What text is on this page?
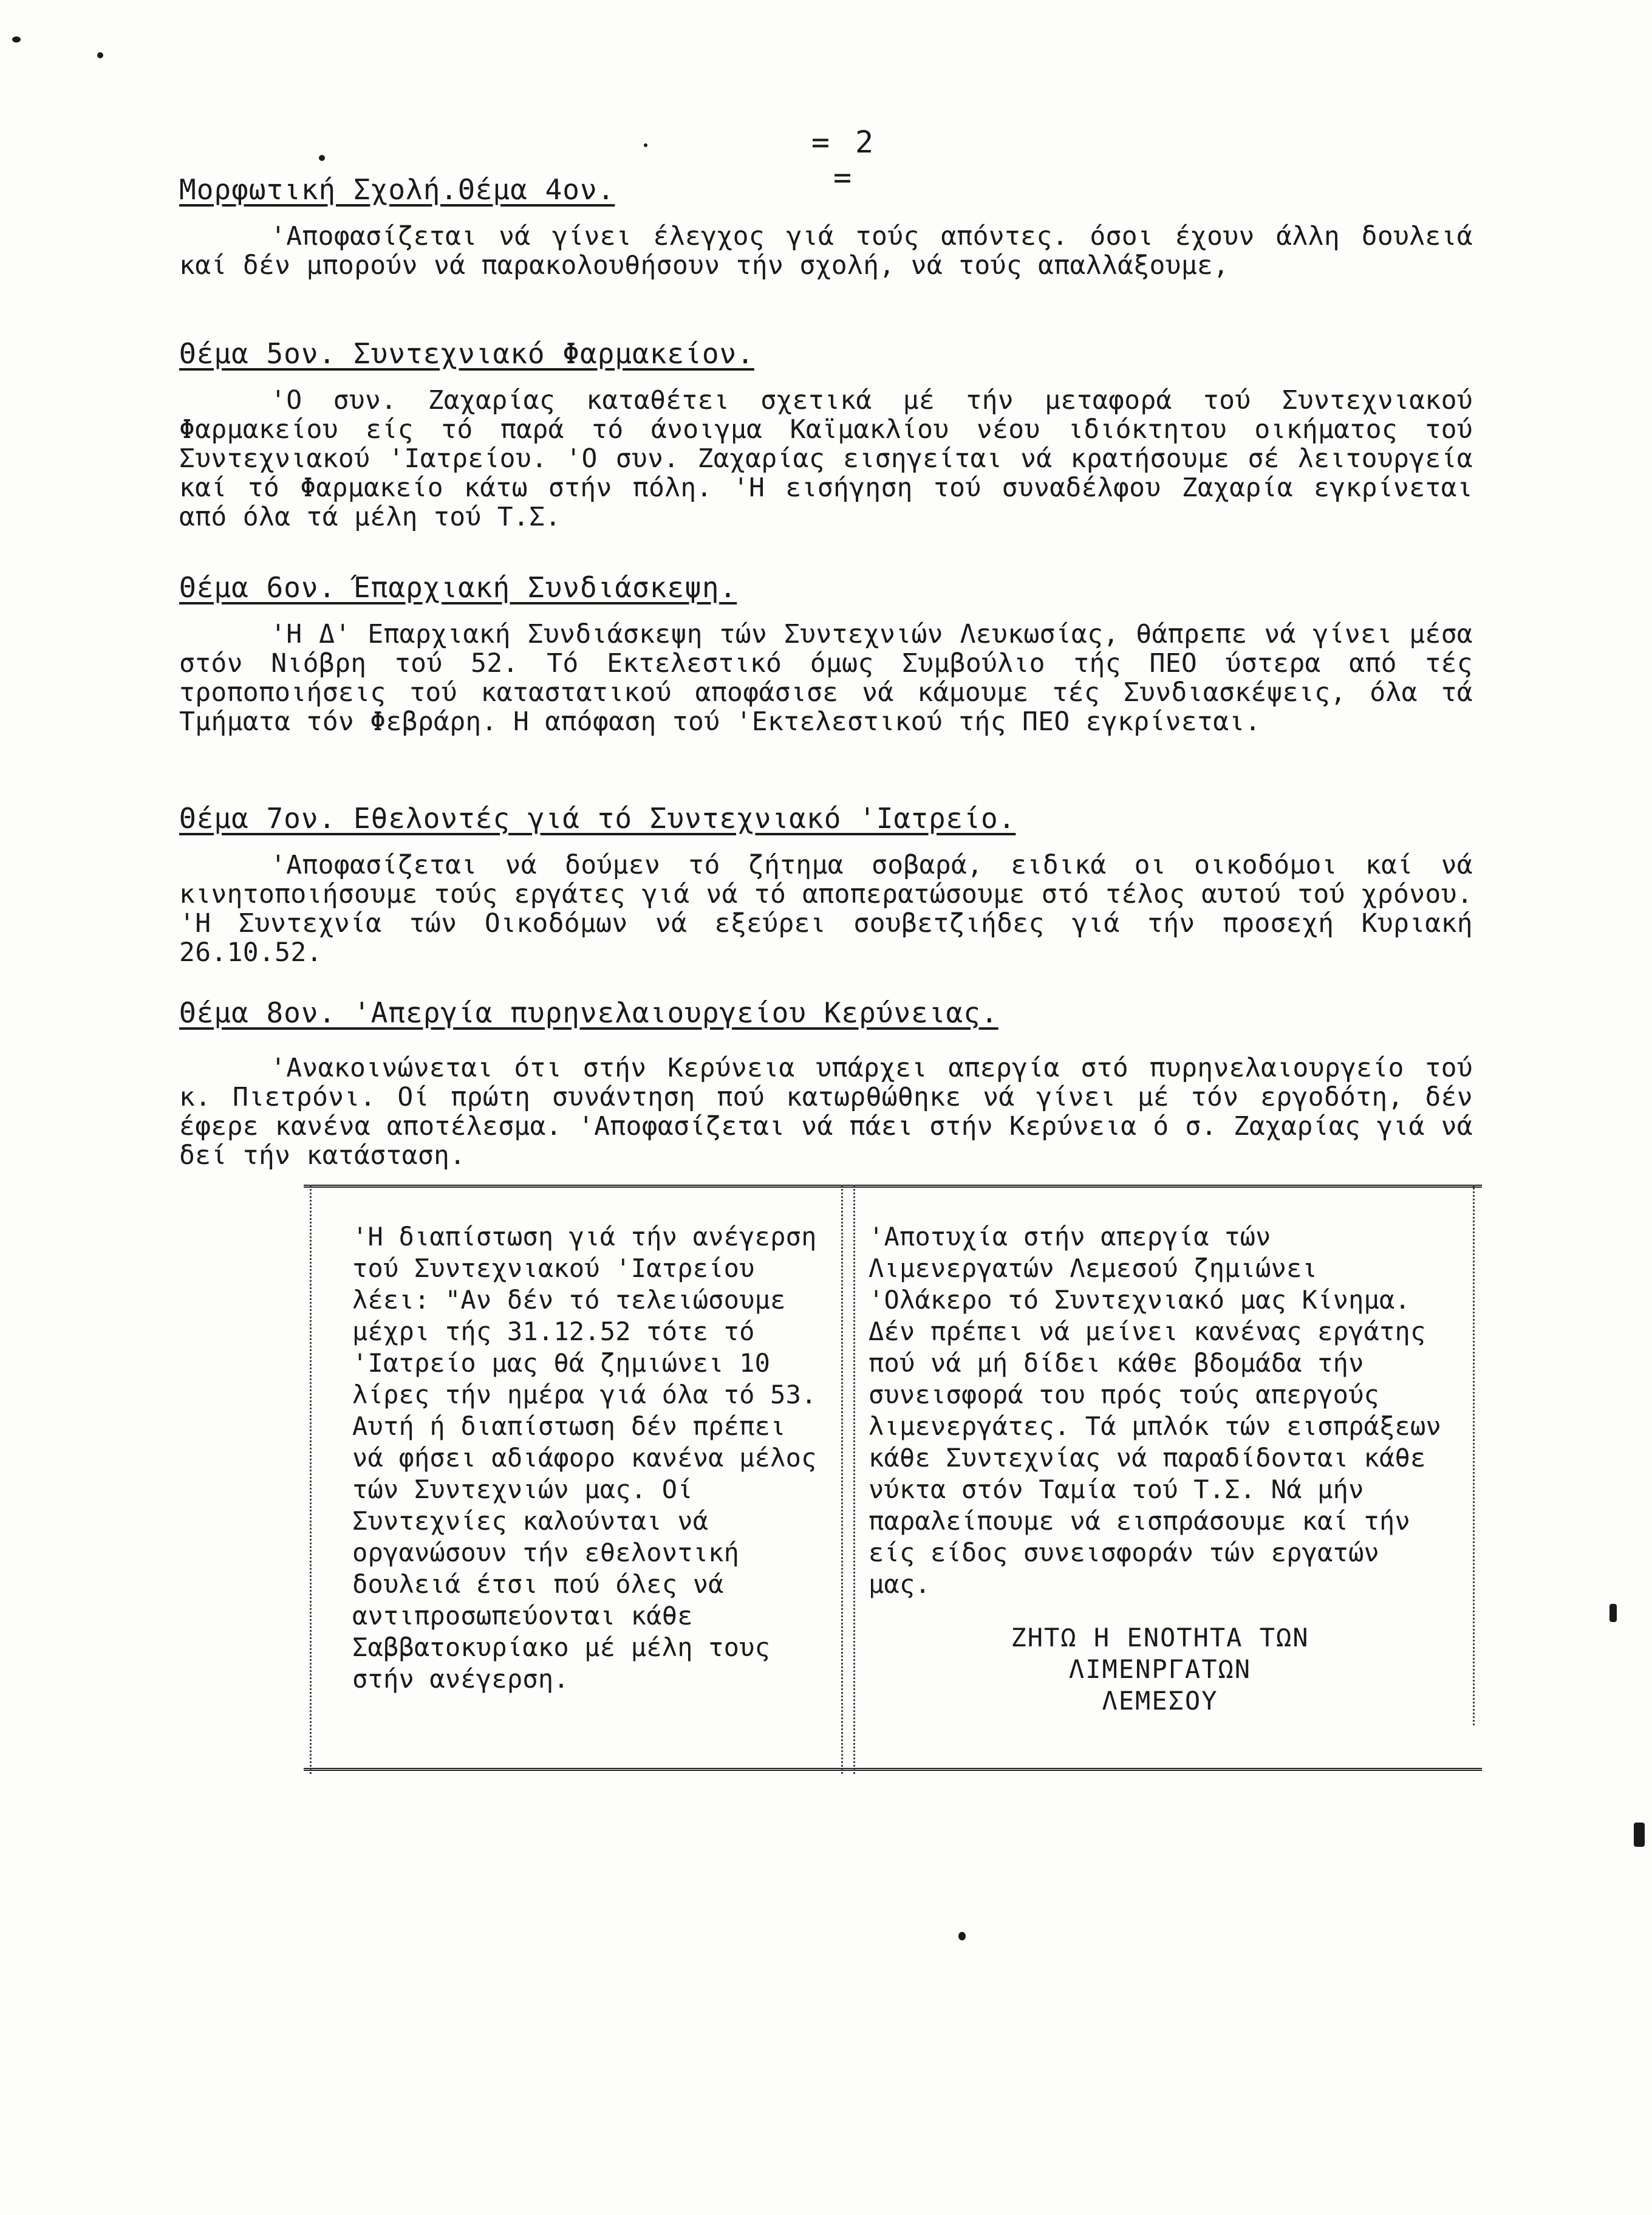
= 2 =
Μορφωτική Σχολή.Θέμα 4ον.

'Αποφασίζεται νά γίνει έλεγχος γιά τούς απόντες. όσοι έχουν άλλη δουλειά καί δέν μπορούν νά παρακολουθήσουν τήν σχολή, νά τούς απαλλάξουμε,

Θέμα 5ον. Συντεχνιακό Φαρμακείον.

'Ο συν. Ζαχαρίας καταθέτει σχετικά μέ τήν μεταφορά τού Συντεχνιακού Φαρμακείου είς τό παρά τό άνοιγμα Καϊμακλίου νέου ιδιόκτητου οικήματος τού Συντεχνιακού 'Ιατρείου. 'Ο συν. Ζαχαρίας εισηγείται νά κρατήσουμε σέ λειτουργεία καί τό Φαρμακείο κάτω στήν πόλη. 'Η εισήγηση τού συναδέλφου Ζαχαρία εγκρίνεται από όλα τά μέλη τού Τ.Σ.

Θέμα 6ον. Έπαρχιακή Συνδιάσκεψη.

'Η Δ' Επαρχιακή Συνδιάσκεψη τών Συντεχνιών Λευκωσίας, θάπρεπε νά γίνει μέσα στόν Νιόβρη τού 52. Τό Εκτελεστικό όμως Συμβούλιο τής ΠΕΟ ύστερα από τές τροποποιήσεις τού καταστατικού αποφάσισε νά κάμουμε τές Συνδιασκέψεις, όλα τά Τμήματα τόν Φεβράρη. Η απόφαση τού 'Εκτελεστικού τής ΠΕΟ εγκρίνεται.

Θέμα 7ον. Εθελοντές γιά τό Συντεχνιακό 'Ιατρείο.

'Αποφασίζεται νά δούμεν τό ζήτημα σοβαρά, ειδικά οι οικοδόμοι καί νά κινητοποιήσουμε τούς εργάτες γιά νά τό αποπερατώσουμε στό τέλος αυτού τού χρόνου. 'Η Συντεχνία τών Οικοδόμων νά εξεύρει σουβετζιήδες γιά τήν προσεχή Κυριακή 26.10.52.

Θέμα 8ον. 'Απεργία πυρηνελαιουργείου Κερύνειας.

'Ανακοινώνεται ότι στήν Κερύνεια υπάρχει απεργία στό πυρηνελαιουργείο τού κ. Πιετρόνι. Οί πρώτη συνάντηση πού κατωρθώθηκε νά γίνει μέ τόν εργοδότη, δέν έφερε κανένα αποτέλεσμα. 'Αποφασίζεται νά πάει στήν Κερύνεια ό σ. Ζαχαρίας γιά νά δεί τήν κατάσταση.

'Η διαπίστωση γιά τήν ανέγερση τού Συντεχνιακού 'Ιατρείου λέει: "Αν δέν τό τελειώσουμε μέχρι τής 31.12.52 τότε τό 'Ιατρείο μας θά ζημιώνει 10 λίρες τήν ημέρα γιά όλα τό 53. Αυτή ή διαπίστωση δέν πρέπει νά φήσει αδιάφορο κανένα μέλος τών Συντεχνιών μας. Οί Συντεχνίες καλούνται νά οργανώσουν τήν εθελοντική δουλειά έτσι πού όλες νά αντιπροσωπεύονται κάθε Σαββατοκυρίακο μέ μέλη τους στήν ανέγερση.

'Αποτυχία στήν απεργία τών Λιμενεργατών Λεμεσού ζημιώνει 'Ολάκερο τό Συντεχνιακό μας Κίνημα. Δέν πρέπει νά μείνει κανένας εργάτης πού νά μή δίδει κάθε βδομάδα τήν συνεισφορά του πρός τούς απεργούς λιμενεργάτες. Τά μπλόκ τών εισπράξεων κάθε Συντεχνίας νά παραδίδονται κάθε νύκτα στόν Ταμία τού Τ.Σ. Νά μήν παραλείπουμε νά εισπράσουμε καί τήν είς είδος συνεισφοράν τών εργατών μας.

ΖΗΤΩ Η ΕΝΟΤΗΤΑ ΤΩΝ
ΛΙΜΕΝΡΓΑΤΩΝ
ΛΕΜΕΣΟΥ
